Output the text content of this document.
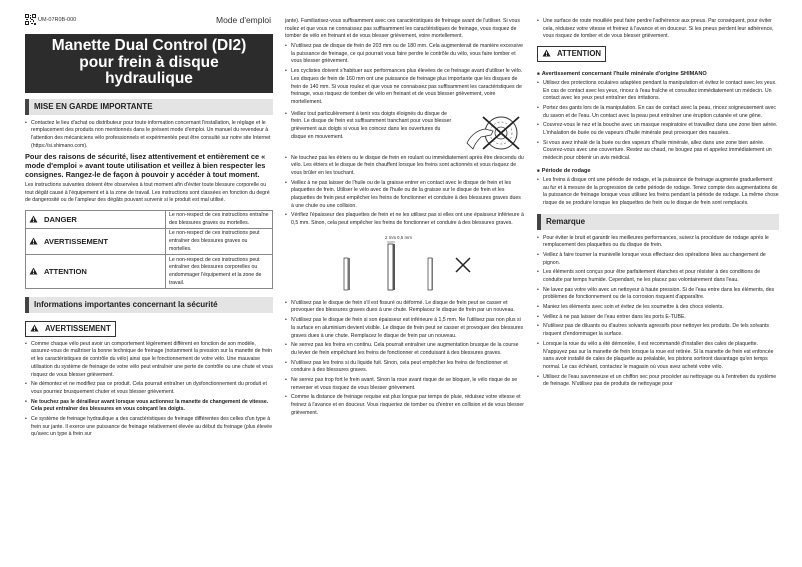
UM-07R0B-000	Mode d'emploi
Manette Dual Control (DI2)
pour frein à disque
hydraulique
MISE EN GARDE IMPORTANTE

• Contactez le lieu d'achat ou distributeur pour toute information concernant l'installation, le réglage et le remplacement des produits non mentionnés dans le présent mode d'emploi. Un manuel du revendeur à l'attention des mécaniciens vélo professionnels et expérimentés peut être consulté sur notre site Internet (https://si.shimano.com).

Pour des raisons de sécurité, lisez attentivement et entièrement ce « mode d'emploi » avant toute utilisation et veillez à bien respecter les consignes. Rangez-le de façon à pouvoir y accéder à tout moment.

Les instructions suivantes doivent être observées à tout moment afin d'éviter toute blessure corporelle ou tout dégât causé à l'équipement et à la zone de travail. Les instructions sont classées en fonction du degré de dangerosité ou de l'ampleur des dégâts pouvant survenir si le produit est mal utilisé.

DANGER	Le non-respect de ces instructions entraîne des blessures graves ou mortelles.
AVERTISSEMENT	Le non-respect de ces instructions peut entraîner des blessures graves ou mortelles.
ATTENTION	Le non-respect de ces instructions peut entraîner des blessures corporelles ou endommager l'équipement et la zone de travail.
Informations importantes concernant la sécurité
AVERTISSEMENT

• Comme chaque vélo peut avoir un comportement légèrement différent en fonction de son modèle, assurez-vous de maîtriser la bonne technique de freinage (notamment la pression sur la manette de frein et les caractéristiques de contrôle du vélo) ainsi que le fonctionnement de votre vélo. Une mauvaise utilisation du système de freinage de votre vélo peut entraîner une perte de contrôle ou une chute et vous risquez de vous blesser grièvement.

• Ne démontez et ne modifiez pas ce produit. Cela pourrait entraîner un dysfonctionnement du produit et vous pourriez brusquement chuter et vous blesser grièvement.

• Ne touchez pas le dérailleur avant lorsque vous actionnez la manette de changement de vitesse. Cela peut entraîner des blessures en vous coinçant les doigts.

• Ce système de freinage hydraulique a des caractéristiques de freinage différentes des celles d'un type à frein sur jante. Il exerce une puissance de freinage relativement élevée au début du freinage (plus élevée qu'avec un type à frein sur

jante). Familiarisez-vous suffisamment avec ces caractéristiques de freinage avant de l'utiliser. Si vous roulez et que vous ne connaissez pas suffisamment les caractéristiques de freinage, vous risquez de tomber de vélo en freinant et de vous blesser grièvement, voire mortellement.

• N'utilisez pas de disque de frein de 203 mm ou de 180 mm. Cela augmenterait de manière excessive la puissance de freinage, ce qui pourrait vous faire perdre le contrôle du vélo, vous faire tomber et vous blesser grièvement.

• Les cyclistes doivent s'habituer aux performances plus élevées de ce freinage avant d'utiliser le vélo. Les disques de frein de 160 mm ont une puissance de freinage plus importante que les disques de frein de 140 mm. Si vous roulez et que vous ne connaissez pas suffisamment les caractéristiques de freinage, vous risquez de tomber de vélo en freinant et de vous blesser grièvement, voire mortellement.

• Veillez tout particulièrement à tenir vos doigts éloignés du disque de frein. Le disque de frein est suffisamment tranchant pour vous blesser grièvement aux doigts si vous les coincez dans les ouvertures du disque en mouvement.

• Ne touchez pas les étriers ou le disque de frein en roulant ou immédiatement après être descendu du vélo. Les étriers et le disque de frein chauffent lorsque les freins sont actionnés et vous risquez de vous brûler en les touchant.

• Veillez à ne pas laisser de l'huile ou de la graisse entrer en contact avec le disque de frein et les plaquettes de frein. Utiliser le vélo avec de l'huile ou de la graisse sur le disque de frein et les plaquettes de frein peut empêcher les freins de fonctionner et conduire à des blessures graves dues à une chute ou une collision.

• Vérifiez l'épaisseur des plaquettes de frein et ne les utilisez pas si elles ont une épaisseur inférieure à 0,5 mm. Sinon, cela peut empêcher les freins de fonctionner et conduire à des blessures graves.

2 mm 0,5 mm

• N'utilisez pas le disque de frein s'il est fissuré ou déformé. Le disque de frein peut se casser et provoquer des blessures graves dues à une chute. Remplacez le disque de frein par un nouveau.

• N'utilisez pas le disque de frein si son épaisseur est inférieure à 1,5 mm. Ne l'utilisez pas non plus si la surface en aluminium devient visible. Le disque de frein peut se casser et provoquer des blessures graves dues à une chute. Remplacez le disque de frein par un nouveau.

• Ne serrez pas les freins en continu. Cela pourrait entraîner une augmentation brusque de la course du levier de frein empêchant les freins de fonctionner et conduisant à des blessures graves.

• N'utilisez pas les freins si du liquide fuit. Sinon, cela peut empêcher les freins de fonctionner et conduire à des blessures graves.

• Ne serrez pas trop fort le frein avant. Sinon la roue avant risque de se bloquer, le vélo risque de se renverser et vous risquez de vous blesser grièvement.

• Comme la distance de freinage requise est plus longue par temps de pluie, réduisez votre vitesse et freinez à l'avance et en douceur. Vous risqueriez de tomber ou d'entrer en collision et de vous blesser grièvement.

• Une surface de route mouillée peut faire perdre l'adhérence aux pneus. Par conséquent, pour éviter cela, réduisez votre vitesse et freinez à l'avance et en douceur. Si les pneus perdent leur adhérence, vous risquez de tomber et de vous blesser grièvement.

ATTENTION
■ Avertissement concernant l'huile minérale d'origine SHIMANO

• Utilisez des protections oculaires adaptées pendant la manipulation et évitez le contact avec les yeux. En cas de contact avec les yeux, rincez à l'eau fraîche et consultez immédiatement un médecin. Un contact avec les yeux peut entraîner des irritations.

• Portez des gants lors de la manipulation. En cas de contact avec la peau, rincez soigneusement avec du savon et de l'eau. Un contact avec la peau peut entraîner une éruption cutanée et une gêne.

• Couvrez-vous le nez et la bouche avec un masque respiratoire et travaillez dans une zone bien aérée. L'inhalation de buée ou de vapeurs d'huile minérale peut provoquer des nausées.

• Si vous avez inhalé de la buée ou des vapeurs d'huile minérale, allez dans une zone bien aérée. Couvrez-vous avec une couverture. Restez au chaud, ne bougez pas et appelez immédiatement un médecin pour obtenir un avis médical.

■ Période de rodage

• Les freins à disque ont une période de rodage, et la puissance de freinage augmente graduellement au fur et à mesure de la progression de cette période de rodage. Tenez compte des augmentations de la puissance de freinage lorsque vous utilisez les freins pendant la période de rodage. La même chose risque de se produire lorsque les plaquettes de frein ou le disque de frein sont remplacés.

Remarque

• Pour éviter le bruit et garantir les meilleures performances, suivez la procédure de rodage après le remplacement des plaquettes ou du disque de frein.

• Veillez à faire tourner la manivelle lorsque vous effectuez des opérations liées au changement de pignon.

• Les éléments sont conçus pour être parfaitement étanches et pour résister à des conditions de conduite par temps humide. Cependant, ne les placez pas volontairement dans l'eau.

• Ne lavez pas votre vélo avec un nettoyeur à haute pression. Si de l'eau entre dans les éléments, des problèmes de fonctionnement ou de la corrosion risquent d'apparaître.

• Maniez les éléments avec soin et évitez de les soumettre à des chocs violents.

• Veillez à ne pas laisser de l'eau entrer dans les ports E-TUBE.

• N'utilisez pas de diluants ou d'autres solvants agressifs pour nettoyer les produits. De tels solvants risquent d'endommager la surface.

• Lorsque la roue du vélo a été démontée, il est recommandé d'installer des cales de plaquette. N'appuyez pas sur la manette de frein lorsque la roue est retirée. Si la manette de frein est enfoncée sans avoir installé de cales de plaquette au préalable, les pistons sortiront davantage qu'en temps normal. Le cas échéant, contactez le magasin où vous avez acheté votre vélo.

• Utilisez de l'eau savonneuse et un chiffon sec pour procéder au nettoyage ou à l'entretien du système de freinage. N'utilisez pas de produits de nettoyage pour
